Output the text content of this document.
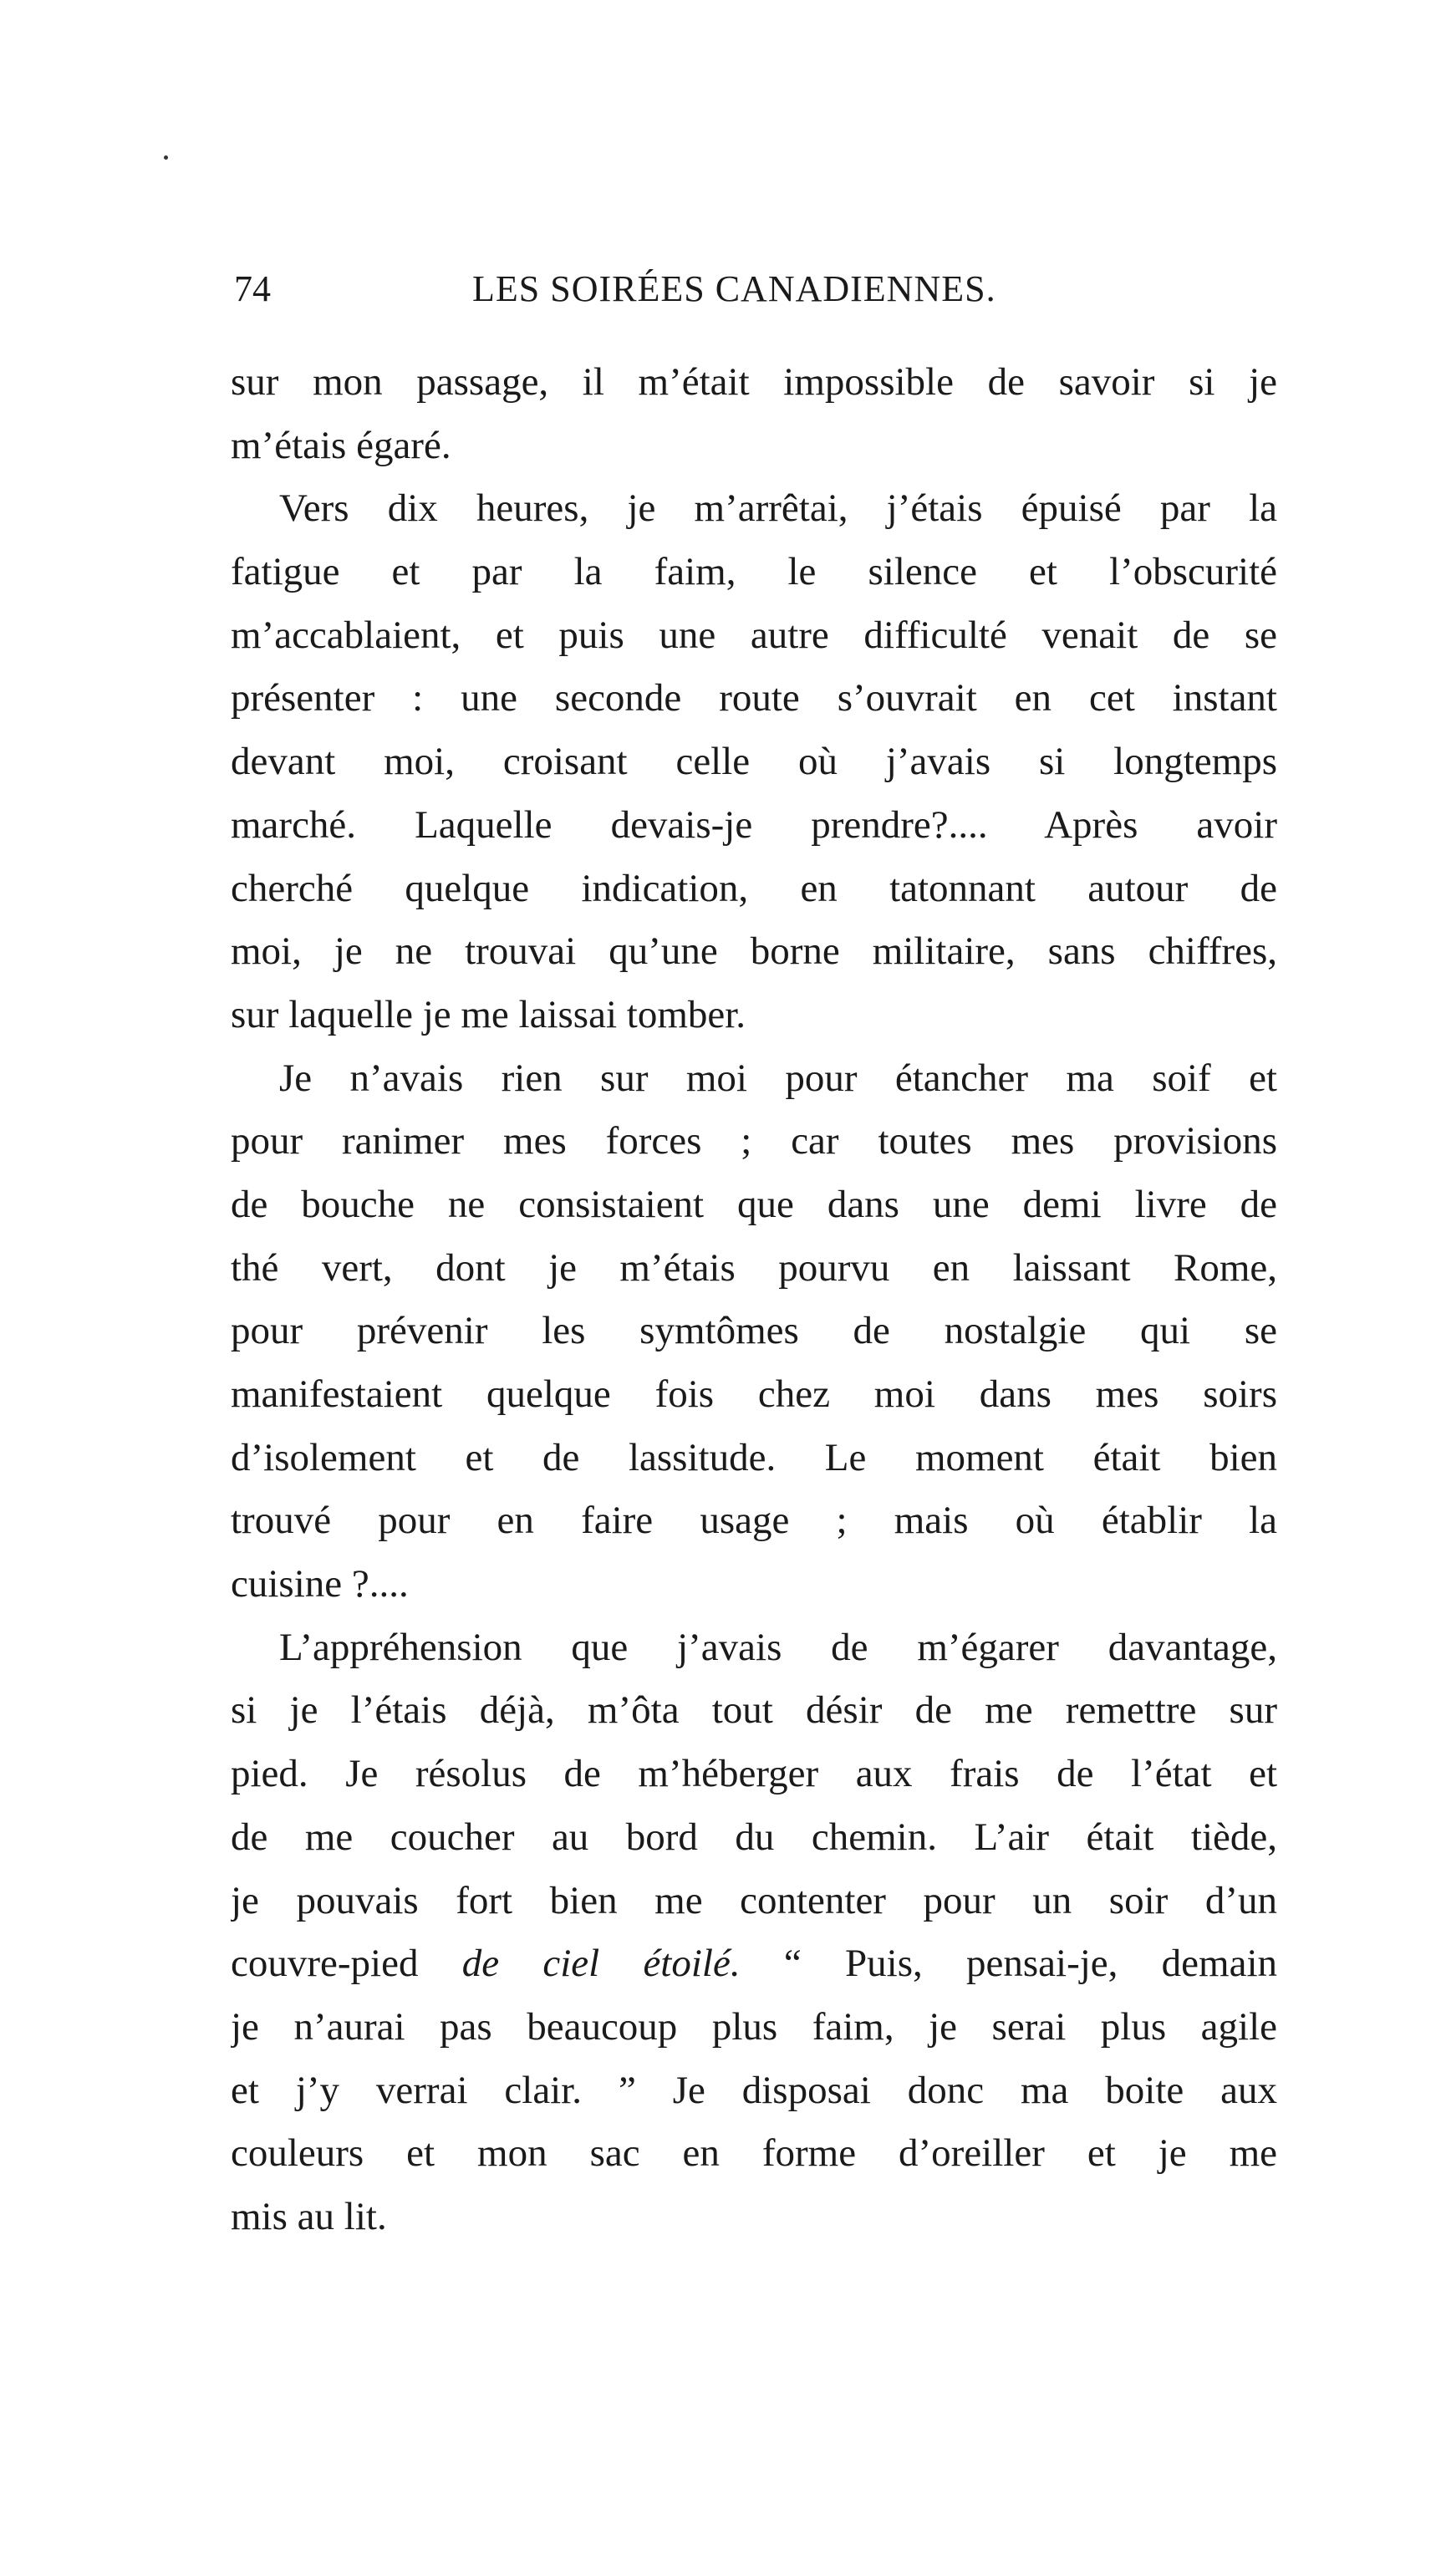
74	LES SOIRÉES CANADIENNES.
sur mon passage, il m’était impossible de savoir si je
m’étais égaré.
Vers dix heures, je m’arrêtai, j’étais épuisé par la
fatigue et par la faim, le silence et l’obscurité
m’accablaient, et puis une autre difficulté venait de se
présenter : une seconde route s’ouvrait en cet instant
devant moi, croisant celle où j’avais si longtemps
marché. Laquelle devais-je prendre?.... Après avoir
cherché quelque indication, en tatonnant autour de
moi, je ne trouvai qu’une borne militaire, sans chiffres,
sur laquelle je me laissai tomber.
Je n’avais rien sur moi pour étancher ma soif et
pour ranimer mes forces ; car toutes mes provisions
de bouche ne consistaient que dans une demi livre de
thé vert, dont je m’étais pourvu en laissant Rome,
pour prévenir les symtômes de nostalgie qui se
manifestaient quelque fois chez moi dans mes soirs
d’isolement et de lassitude. Le moment était bien
trouvé pour en faire usage ; mais où établir la
cuisine ?....
L’appréhension que j’avais de m’égarer davantage,
si je l’étais déjà, m’ôta tout désir de me remettre sur
pied. Je résolus de m’héberger aux frais de l’état et
de me coucher au bord du chemin. L’air était tiède,
je pouvais fort bien me contenter pour un soir d’un
couvre-pied de ciel étoilé. “ Puis, pensai-je, demain
je n’aurai pas beaucoup plus faim, je serai plus agile
et j’y verrai clair. ” Je disposai donc ma boite aux
couleurs et mon sac en forme d’oreiller et je me
mis au lit.
